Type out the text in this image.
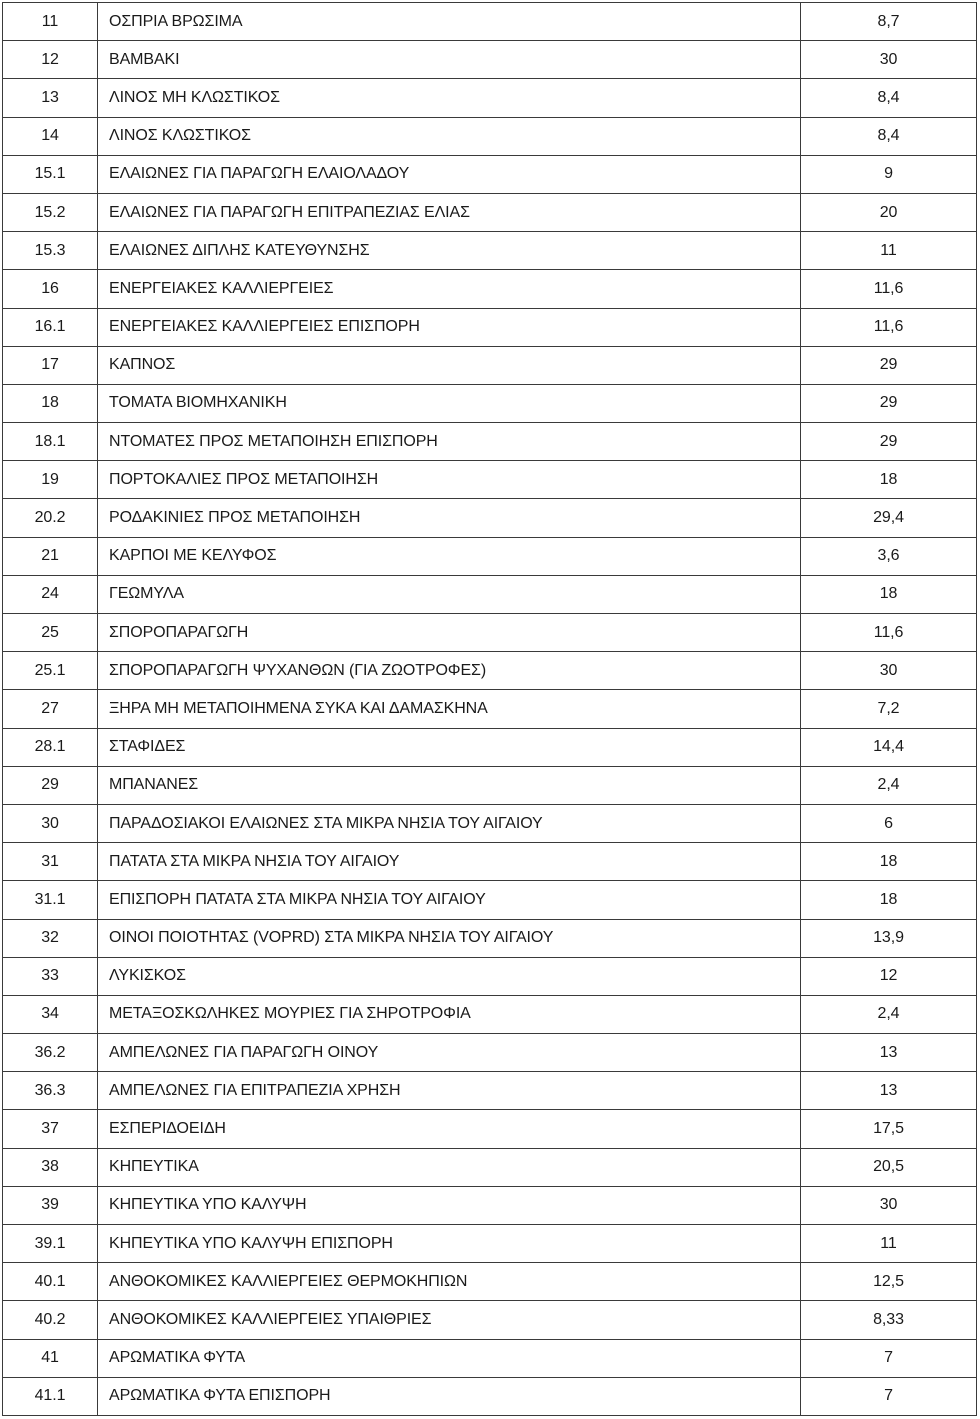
11	ΟΣΠΡΙΑ ΒΡΩΣΙΜΑ	8,7
12	ΒΑΜΒΑΚΙ	30
13	ΛΙΝΟΣ ΜΗ ΚΛΩΣΤΙΚΟΣ	8,4
14	ΛΙΝΟΣ ΚΛΩΣΤΙΚΟΣ	8,4
15.1	ΕΛΑΙΩΝΕΣ ΓΙΑ ΠΑΡΑΓΩΓΗ ΕΛΑΙΟΛΑΔΟΥ	9
15.2	ΕΛΑΙΩΝΕΣ ΓΙΑ ΠΑΡΑΓΩΓΗ ΕΠΙΤΡΑΠΕΖΙΑΣ ΕΛΙΑΣ	20
15.3	ΕΛΑΙΩΝΕΣ ΔΙΠΛΗΣ ΚΑΤΕΥΘΥΝΣΗΣ	11
16	ΕΝΕΡΓΕΙΑΚΕΣ ΚΑΛΛΙΕΡΓΕΙΕΣ	11,6
16.1	ΕΝΕΡΓΕΙΑΚΕΣ ΚΑΛΛΙΕΡΓΕΙΕΣ ΕΠΙΣΠΟΡΗ	11,6
17	ΚΑΠΝΟΣ	29
18	ΤΟΜΑΤΑ ΒΙΟΜΗΧΑΝΙΚΗ	29
18.1	ΝΤΟΜΑΤΕΣ ΠΡΟΣ ΜΕΤΑΠΟΙΗΣΗ ΕΠΙΣΠΟΡΗ	29
19	ΠΟΡΤΟΚΑΛΙΕΣ ΠΡΟΣ ΜΕΤΑΠΟΙΗΣΗ	18
20.2	ΡΟΔΑΚΙΝΙΕΣ ΠΡΟΣ ΜΕΤΑΠΟΙΗΣΗ	29,4
21	ΚΑΡΠΟΙ ΜΕ ΚΕΛΥΦΟΣ	3,6
24	ΓΕΩΜΥΛΑ	18
25	ΣΠΟΡΟΠΑΡΑΓΩΓΗ	11,6
25.1	ΣΠΟΡΟΠΑΡΑΓΩΓΗ ΨΥΧΑΝΘΩΝ (ΓΙΑ ΖΩΟΤΡΟΦΕΣ)	30
27	ΞΗΡΑ ΜΗ ΜΕΤΑΠΟΙΗΜΕΝΑ ΣΥΚΑ ΚΑΙ ΔΑΜΑΣΚΗΝΑ	7,2
28.1	ΣΤΑΦΙΔΕΣ	14,4
29	ΜΠΑΝΑΝΕΣ	2,4
30	ΠΑΡΑΔΟΣΙΑΚΟΙ ΕΛΑΙΩΝΕΣ ΣΤΑ ΜΙΚΡΑ ΝΗΣΙΑ ΤΟΥ ΑΙΓΑΙΟΥ	6
31	ΠΑΤΑΤΑ ΣΤΑ ΜΙΚΡΑ ΝΗΣΙΑ ΤΟΥ ΑΙΓΑΙΟΥ	18
31.1	ΕΠΙΣΠΟΡΗ ΠΑΤΑΤΑ ΣΤΑ ΜΙΚΡΑ ΝΗΣΙΑ ΤΟΥ ΑΙΓΑΙΟΥ	18
32	ΟΙΝΟΙ ΠΟΙΟΤΗΤΑΣ (VOPRD) ΣΤΑ ΜΙΚΡΑ ΝΗΣΙΑ ΤΟΥ ΑΙΓΑΙΟΥ	13,9
33	ΛΥΚΙΣΚΟΣ	12
34	ΜΕΤΑΞΟΣΚΩΛΗΚΕΣ ΜΟΥΡΙΕΣ ΓΙΑ ΣΗΡΟΤΡΟΦΙΑ	2,4
36.2	ΑΜΠΕΛΩΝΕΣ ΓΙΑ ΠΑΡΑΓΩΓΗ ΟΙΝΟΥ	13
36.3	ΑΜΠΕΛΩΝΕΣ ΓΙΑ ΕΠΙΤΡΑΠΕΖΙΑ ΧΡΗΣΗ	13
37	ΕΣΠΕΡΙΔΟΕΙΔΗ	17,5
38	ΚΗΠΕΥΤΙΚΑ	20,5
39	ΚΗΠΕΥΤΙΚΑ ΥΠΟ ΚΑΛΥΨΗ	30
39.1	ΚΗΠΕΥΤΙΚΑ ΥΠΟ ΚΑΛΥΨΗ ΕΠΙΣΠΟΡΗ	11
40.1	ΑΝΘΟΚΟΜΙΚΕΣ ΚΑΛΛΙΕΡΓΕΙΕΣ ΘΕΡΜΟΚΗΠΙΩΝ	12,5
40.2	ΑΝΘΟΚΟΜΙΚΕΣ ΚΑΛΛΙΕΡΓΕΙΕΣ ΥΠΑΙΘΡΙΕΣ	8,33
41	ΑΡΩΜΑΤΙΚΑ ΦΥΤΑ	7
41.1	ΑΡΩΜΑΤΙΚΑ ΦΥΤΑ ΕΠΙΣΠΟΡΗ	7
